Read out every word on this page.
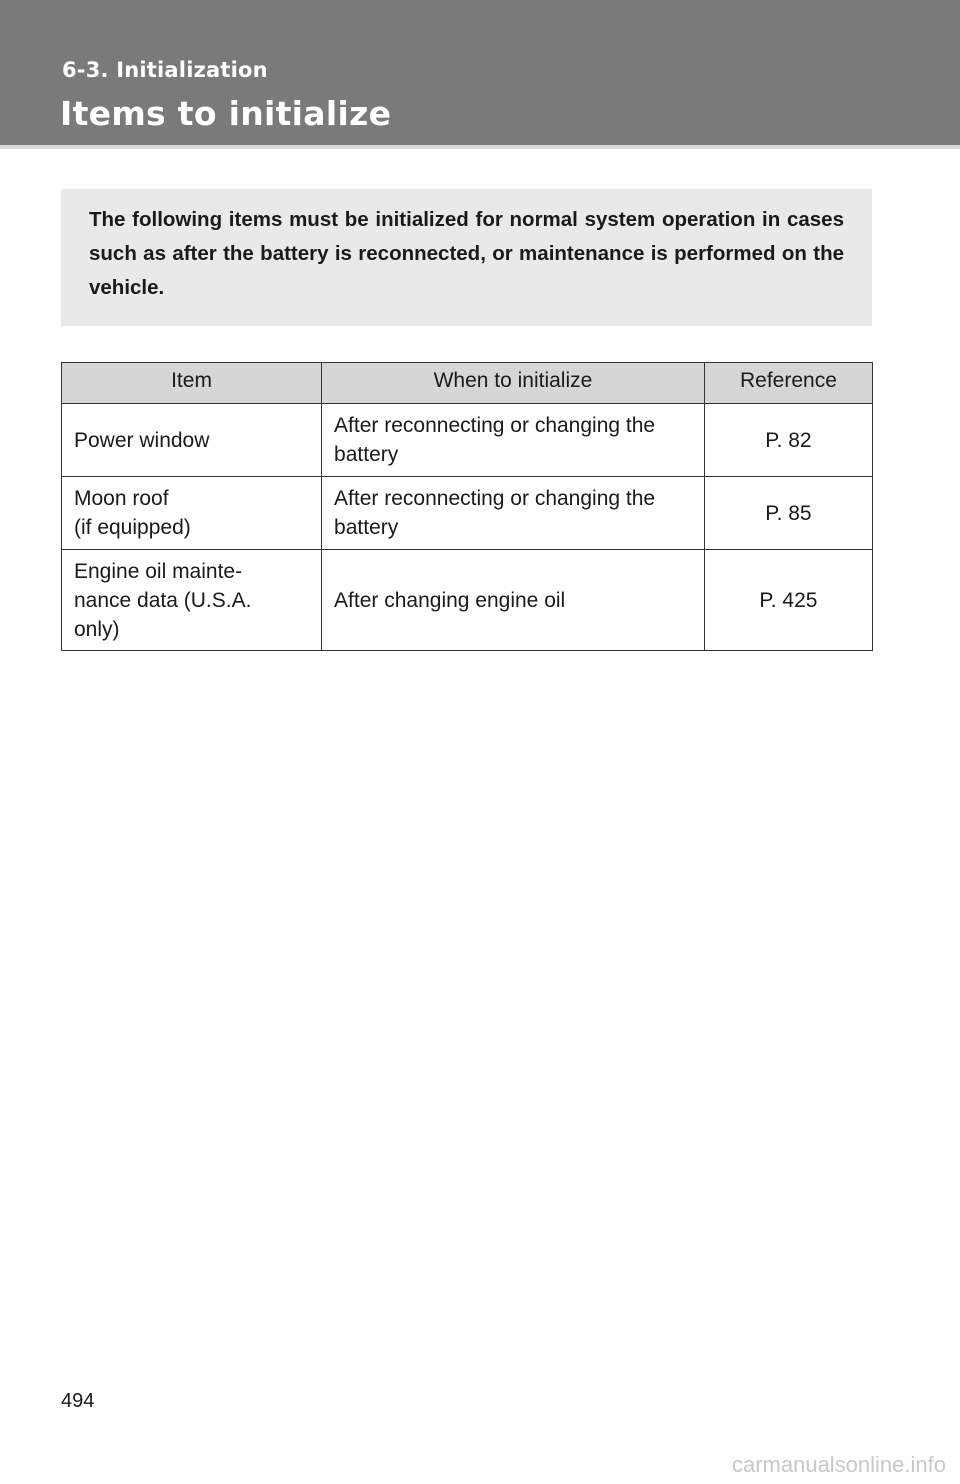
6-3. Initialization
Items to initialize

The following items must be initialized for normal system operation in cases such as after the battery is reconnected, or maintenance is performed on the vehicle.

Item	When to initialize	Reference
Power window	After reconnecting or changing the battery	P. 82
Moon roof
(if equipped)	After reconnecting or changing the battery	P. 85
Engine oil mainte-
nance data (U.S.A.
only)	After changing engine oil	P. 425
494
carmanualsonline.info
